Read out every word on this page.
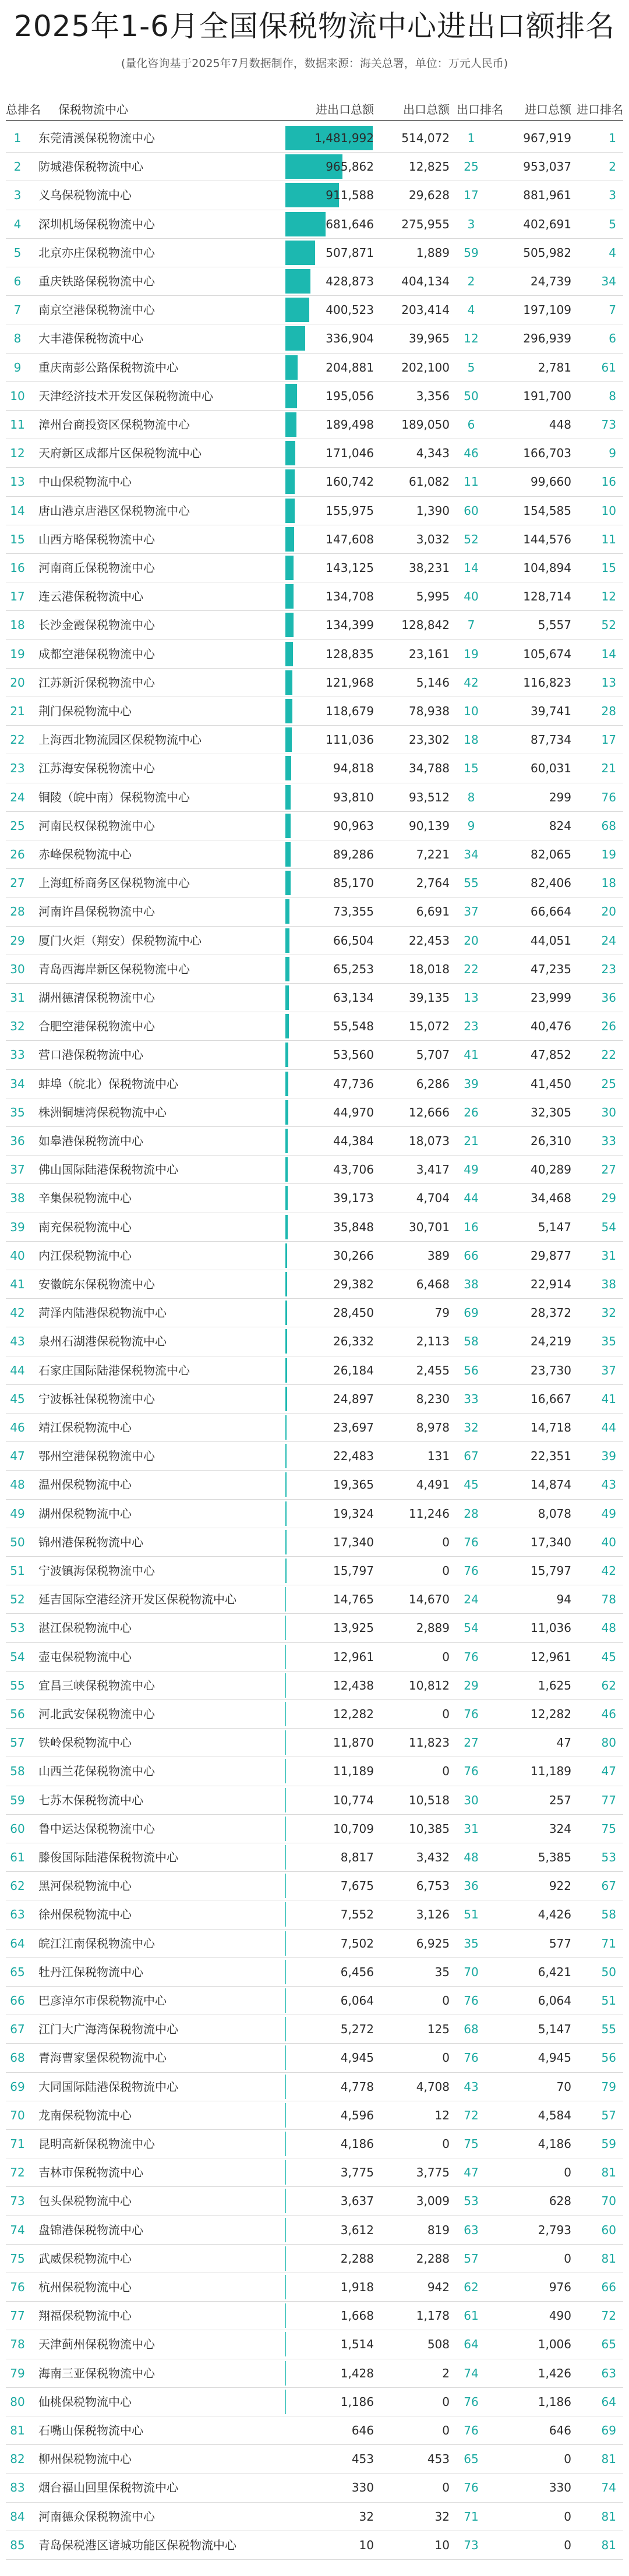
2025年1-6月全国保税物流中心进出口额排名
(量化咨询基于2025年7月数据制作，数据来源：海关总署，单位：万元人民币)
总排名 保税物流中心	进出口总额	出口总额 出口排名	进口总额 进口排名
1	东莞清溪保税物流中心	1,481,992	514,072	1	967,919	1
2	防城港保税物流中心	965,862	12,825	25	953,037	2
3	义乌保税物流中心	911,588	29,628	17	881,961	3
4	深圳机场保税物流中心	681,646	275,955	3	402,691	5
5	北京亦庄保税物流中心	507,871	1,889	59	505,982	4
6	重庆铁路保税物流中心	428,873	404,134	2	24,739	34
7	南京空港保税物流中心	400,523	203,414	4	197,109	7
8	大丰港保税物流中心	336,904	39,965	12	296,939	6
9	重庆南彭公路保税物流中心	204,881	202,100	5	2,781	61
10	天津经济技术开发区保税物流中心	195,056	3,356	50	191,700	8
11	漳州台商投资区保税物流中心	189,498	189,050	6	448	73
12	天府新区成都片区保税物流中心	171,046	4,343	46	166,703	9
13	中山保税物流中心	160,742	61,082	11	99,660	16
14	唐山港京唐港区保税物流中心	155,975	1,390	60	154,585	10
15	山西方略保税物流中心	147,608	3,032	52	144,576	11
16	河南商丘保税物流中心	143,125	38,231	14	104,894	15
17	连云港保税物流中心	134,708	5,995	40	128,714	12
18	长沙金霞保税物流中心	134,399	128,842	7	5,557	52
19	成都空港保税物流中心	128,835	23,161	19	105,674	14
20	江苏新沂保税物流中心	121,968	5,146	42	116,823	13
21	荆门保税物流中心	118,679	78,938	10	39,741	28
22	上海西北物流园区保税物流中心	111,036	23,302	18	87,734	17
23	江苏海安保税物流中心	94,818	34,788	15	60,031	21
24	铜陵（皖中南）保税物流中心	93,810	93,512	8	299	76
25	河南民权保税物流中心	90,963	90,139	9	824	68
26	赤峰保税物流中心	89,286	7,221	34	82,065	19
27	上海虹桥商务区保税物流中心	85,170	2,764	55	82,406	18
28	河南许昌保税物流中心	73,355	6,691	37	66,664	20
29	厦门火炬（翔安）保税物流中心	66,504	22,453	20	44,051	24
30	青岛西海岸新区保税物流中心	65,253	18,018	22	47,235	23
31	湖州德清保税物流中心	63,134	39,135	13	23,999	36
32	合肥空港保税物流中心	55,548	15,072	23	40,476	26
33	营口港保税物流中心	53,560	5,707	41	47,852	22
34	蚌埠（皖北）保税物流中心	47,736	6,286	39	41,450	25
35	株洲铜塘湾保税物流中心	44,970	12,666	26	32,305	30
36	如皋港保税物流中心	44,384	18,073	21	26,310	33
37	佛山国际陆港保税物流中心	43,706	3,417	49	40,289	27
38	辛集保税物流中心	39,173	4,704	44	34,468	29
39	南充保税物流中心	35,848	30,701	16	5,147	54
40	内江保税物流中心	30,266	389	66	29,877	31
41	安徽皖东保税物流中心	29,382	6,468	38	22,914	38
42	菏泽内陆港保税物流中心	28,450	79	69	28,372	32
43	泉州石湖港保税物流中心	26,332	2,113	58	24,219	35
44	石家庄国际陆港保税物流中心	26,184	2,455	56	23,730	37
45	宁波栎社保税物流中心	24,897	8,230	33	16,667	41
46	靖江保税物流中心	23,697	8,978	32	14,718	44
47	鄂州空港保税物流中心	22,483	131	67	22,351	39
48	温州保税物流中心	19,365	4,491	45	14,874	43
49	湖州保税物流中心	19,324	11,246	28	8,078	49
50	锦州港保税物流中心	17,340	0	76	17,340	40
51	宁波镇海保税物流中心	15,797	0	76	15,797	42
52	延吉国际空港经济开发区保税物流中心	14,765	14,670	24	94	78
53	湛江保税物流中心	13,925	2,889	54	11,036	48
54	壶屯保税物流中心	12,961	0	76	12,961	45
55	宜昌三峡保税物流中心	12,438	10,812	29	1,625	62
56	河北武安保税物流中心	12,282	0	76	12,282	46
57	铁岭保税物流中心	11,870	11,823	27	47	80
58	山西兰花保税物流中心	11,189	0	76	11,189	47
59	七苏木保税物流中心	10,774	10,518	30	257	77
60	鲁中运达保税物流中心	10,709	10,385	31	324	75
61	滕俊国际陆港保税物流中心	8,817	3,432	48	5,385	53
62	黑河保税物流中心	7,675	6,753	36	922	67
63	徐州保税物流中心	7,552	3,126	51	4,426	58
64	皖江江南保税物流中心	7,502	6,925	35	577	71
65	牡丹江保税物流中心	6,456	35	70	6,421	50
66	巴彦淖尔市保税物流中心	6,064	0	76	6,064	51
67	江门大广海湾保税物流中心	5,272	125	68	5,147	55
68	青海曹家堡保税物流中心	4,945	0	76	4,945	56
69	大同国际陆港保税物流中心	4,778	4,708	43	70	79
70	龙南保税物流中心	4,596	12	72	4,584	57
71	昆明高新保税物流中心	4,186	0	75	4,186	59
72	吉林市保税物流中心	3,775	3,775	47	0	81
73	包头保税物流中心	3,637	3,009	53	628	70
74	盘锦港保税物流中心	3,612	819	63	2,793	60
75	武威保税物流中心	2,288	2,288	57	0	81
76	杭州保税物流中心	1,918	942	62	976	66
77	翔福保税物流中心	1,668	1,178	61	490	72
78	天津蓟州保税物流中心	1,514	508	64	1,006	65
79	海南三亚保税物流中心	1,428	2	74	1,426	63
80	仙桃保税物流中心	1,186	0	76	1,186	64
81	石嘴山保税物流中心	646	0	76	646	69
82	柳州保税物流中心	453	453	65	0	81
83	烟台福山回里保税物流中心	330	0	76	330	74
84	河南德众保税物流中心	32	32	71	0	81
85	青岛保税港区诸城功能区保税物流中心	10	10	73	0	81
